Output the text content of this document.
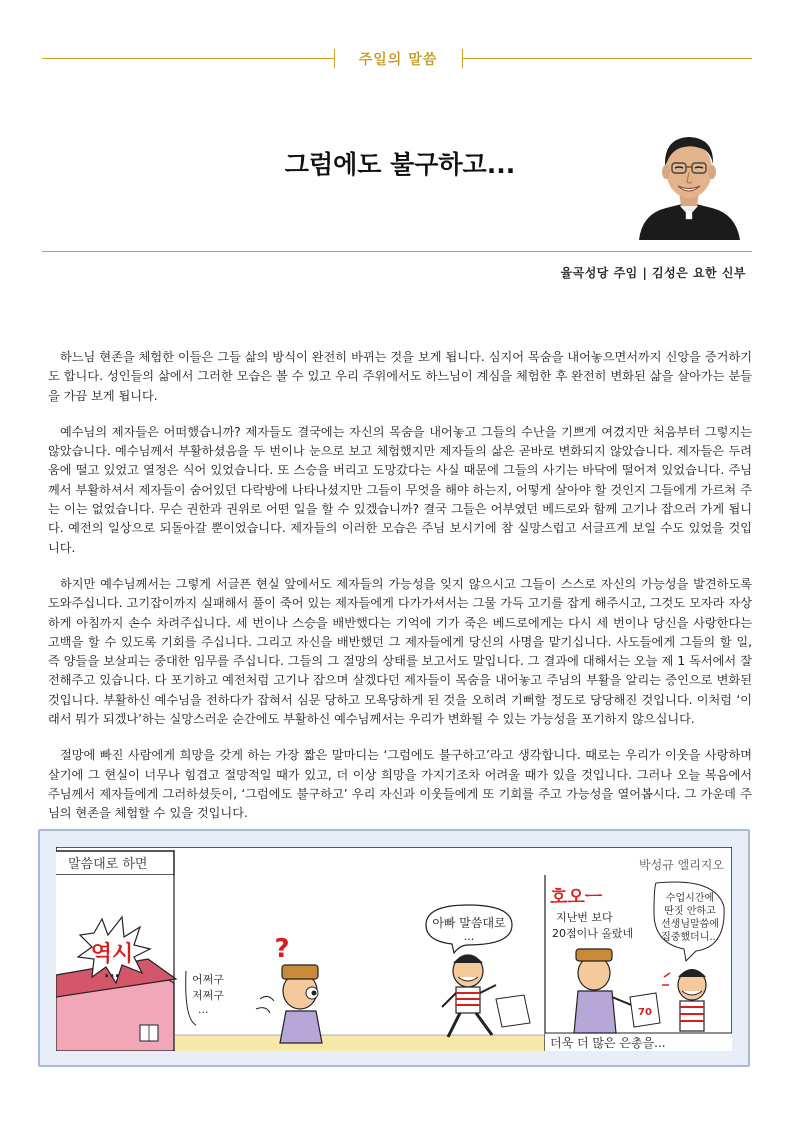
주일의 말씀
그럼에도 불구하고...
율곡성당 주임 | 김성은 요한 신부

하느님 현존을 체험한 이들은 그들 삶의 방식이 완전히 바뀌는 것을 보게 됩니다. 심지어 목숨을 내어놓으면서까지 신앙을 증거하기도 합니다. 성인들의 삶에서 그러한 모습은 볼 수 있고 우리 주위에서도 하느님이 계심을 체험한 후 완전히 변화된 삶을 살아가는 분들을 가끔 보게 됩니다.

예수님의 제자들은 어떠했습니까? 제자들도 결국에는 자신의 목숨을 내어놓고 그들의 수난을 기쁘게 여겼지만 처음부터 그렇지는 않았습니다. 예수님께서 부활하셨음을 두 번이나 눈으로 보고 체험했지만 제자들의 삶은 곧바로 변화되지 않았습니다. 제자들은 두려움에 떨고 있었고 열정은 식어 있었습니다. 또 스승을 버리고 도망갔다는 사실 때문에 그들의 사기는 바닥에 떨어져 있었습니다. 주님께서 부활하셔서 제자들이 숨어있던 다락방에 나타나셨지만 그들이 무엇을 해야 하는지, 어떻게 살아야 할 것인지 그들에게 가르쳐 주는 이는 없었습니다. 무슨 권한과 권위로 어떤 일을 할 수 있겠습니까? 결국 그들은 어부였던 베드로와 함께 고기나 잡으러 가게 됩니다. 예전의 일상으로 되돌아갈 뿐이었습니다. 제자들의 이러한 모습은 주님 보시기에 참 실망스럽고 서글프게 보일 수도 있었을 것입니다.

하지만 예수님께서는 그렇게 서글픈 현실 앞에서도 제자들의 가능성을 잊지 않으시고 그들이 스스로 자신의 가능성을 발견하도록 도와주십니다. 고기잡이까지 실패해서 풀이 죽어 있는 제자들에게 다가가셔서는 그물 가득 고기를 잡게 해주시고, 그것도 모자라 자상하게 아침까지 손수 차려주십니다. 세 번이나 스승을 배반했다는 기억에 기가 죽은 베드로에게는 다시 세 번이나 당신을 사랑한다는 고백을 할 수 있도록 기회를 주십니다. 그리고 자신을 배반했던 그 제자들에게 당신의 사명을 맡기십니다. 사도들에게 그들의 할 일, 즉 양들을 보살피는 중대한 임무를 주십니다. 그들의 그 절망의 상태를 보고서도 말입니다. 그 결과에 대해서는 오늘 제 1 독서에서 잘 전해주고 있습니다. 다 포기하고 예전처럼 고기나 잡으며 살겠다던 제자들이 목숨을 내어놓고 주님의 부활을 알리는 증인으로 변화된 것입니다. 부활하신 예수님을 전하다가 잡혀서 심문 당하고 모욕당하게 된 것을 오히려 기뻐할 정도로 당당해진 것입니다. 이처럼 ‘이래서 뭐가 되겠나’하는 실망스러운 순간에도 부활하신 예수님께서는 우리가 변화될 수 있는 가능성을 포기하지 않으십니다.

절망에 빠진 사람에게 희망을 갖게 하는 가장 짧은 말마디는 ‘그럼에도 불구하고’라고 생각합니다. 때로는 우리가 이웃을 사랑하며 살기에 그 현실이 너무나 힘겹고 절망적일 때가 있고, 더 이상 희망을 가지기조차 어려울 때가 있을 것입니다. 그러나 오늘 복음에서 주님께서 제자들에게 그러하셨듯이, ‘그럼에도 불구하고’ 우리 자신과 이웃들에게 또 기회를 주고 가능성을 열어봅시다. 그 가운데 주님의 현존을 체험할 수 있을 것입니다.

말씀대로 하면	박성규 엘리지오
역시
...
?
어쩌구
저쩌구
...
아빠 말씀대로
...
더욱 더 많은 은총을...
호오ㅡ
지난번 보다
20점이나 올랐네
수업시간에
딴짓 안하고
선생님말씀에
집중했더니...
70
